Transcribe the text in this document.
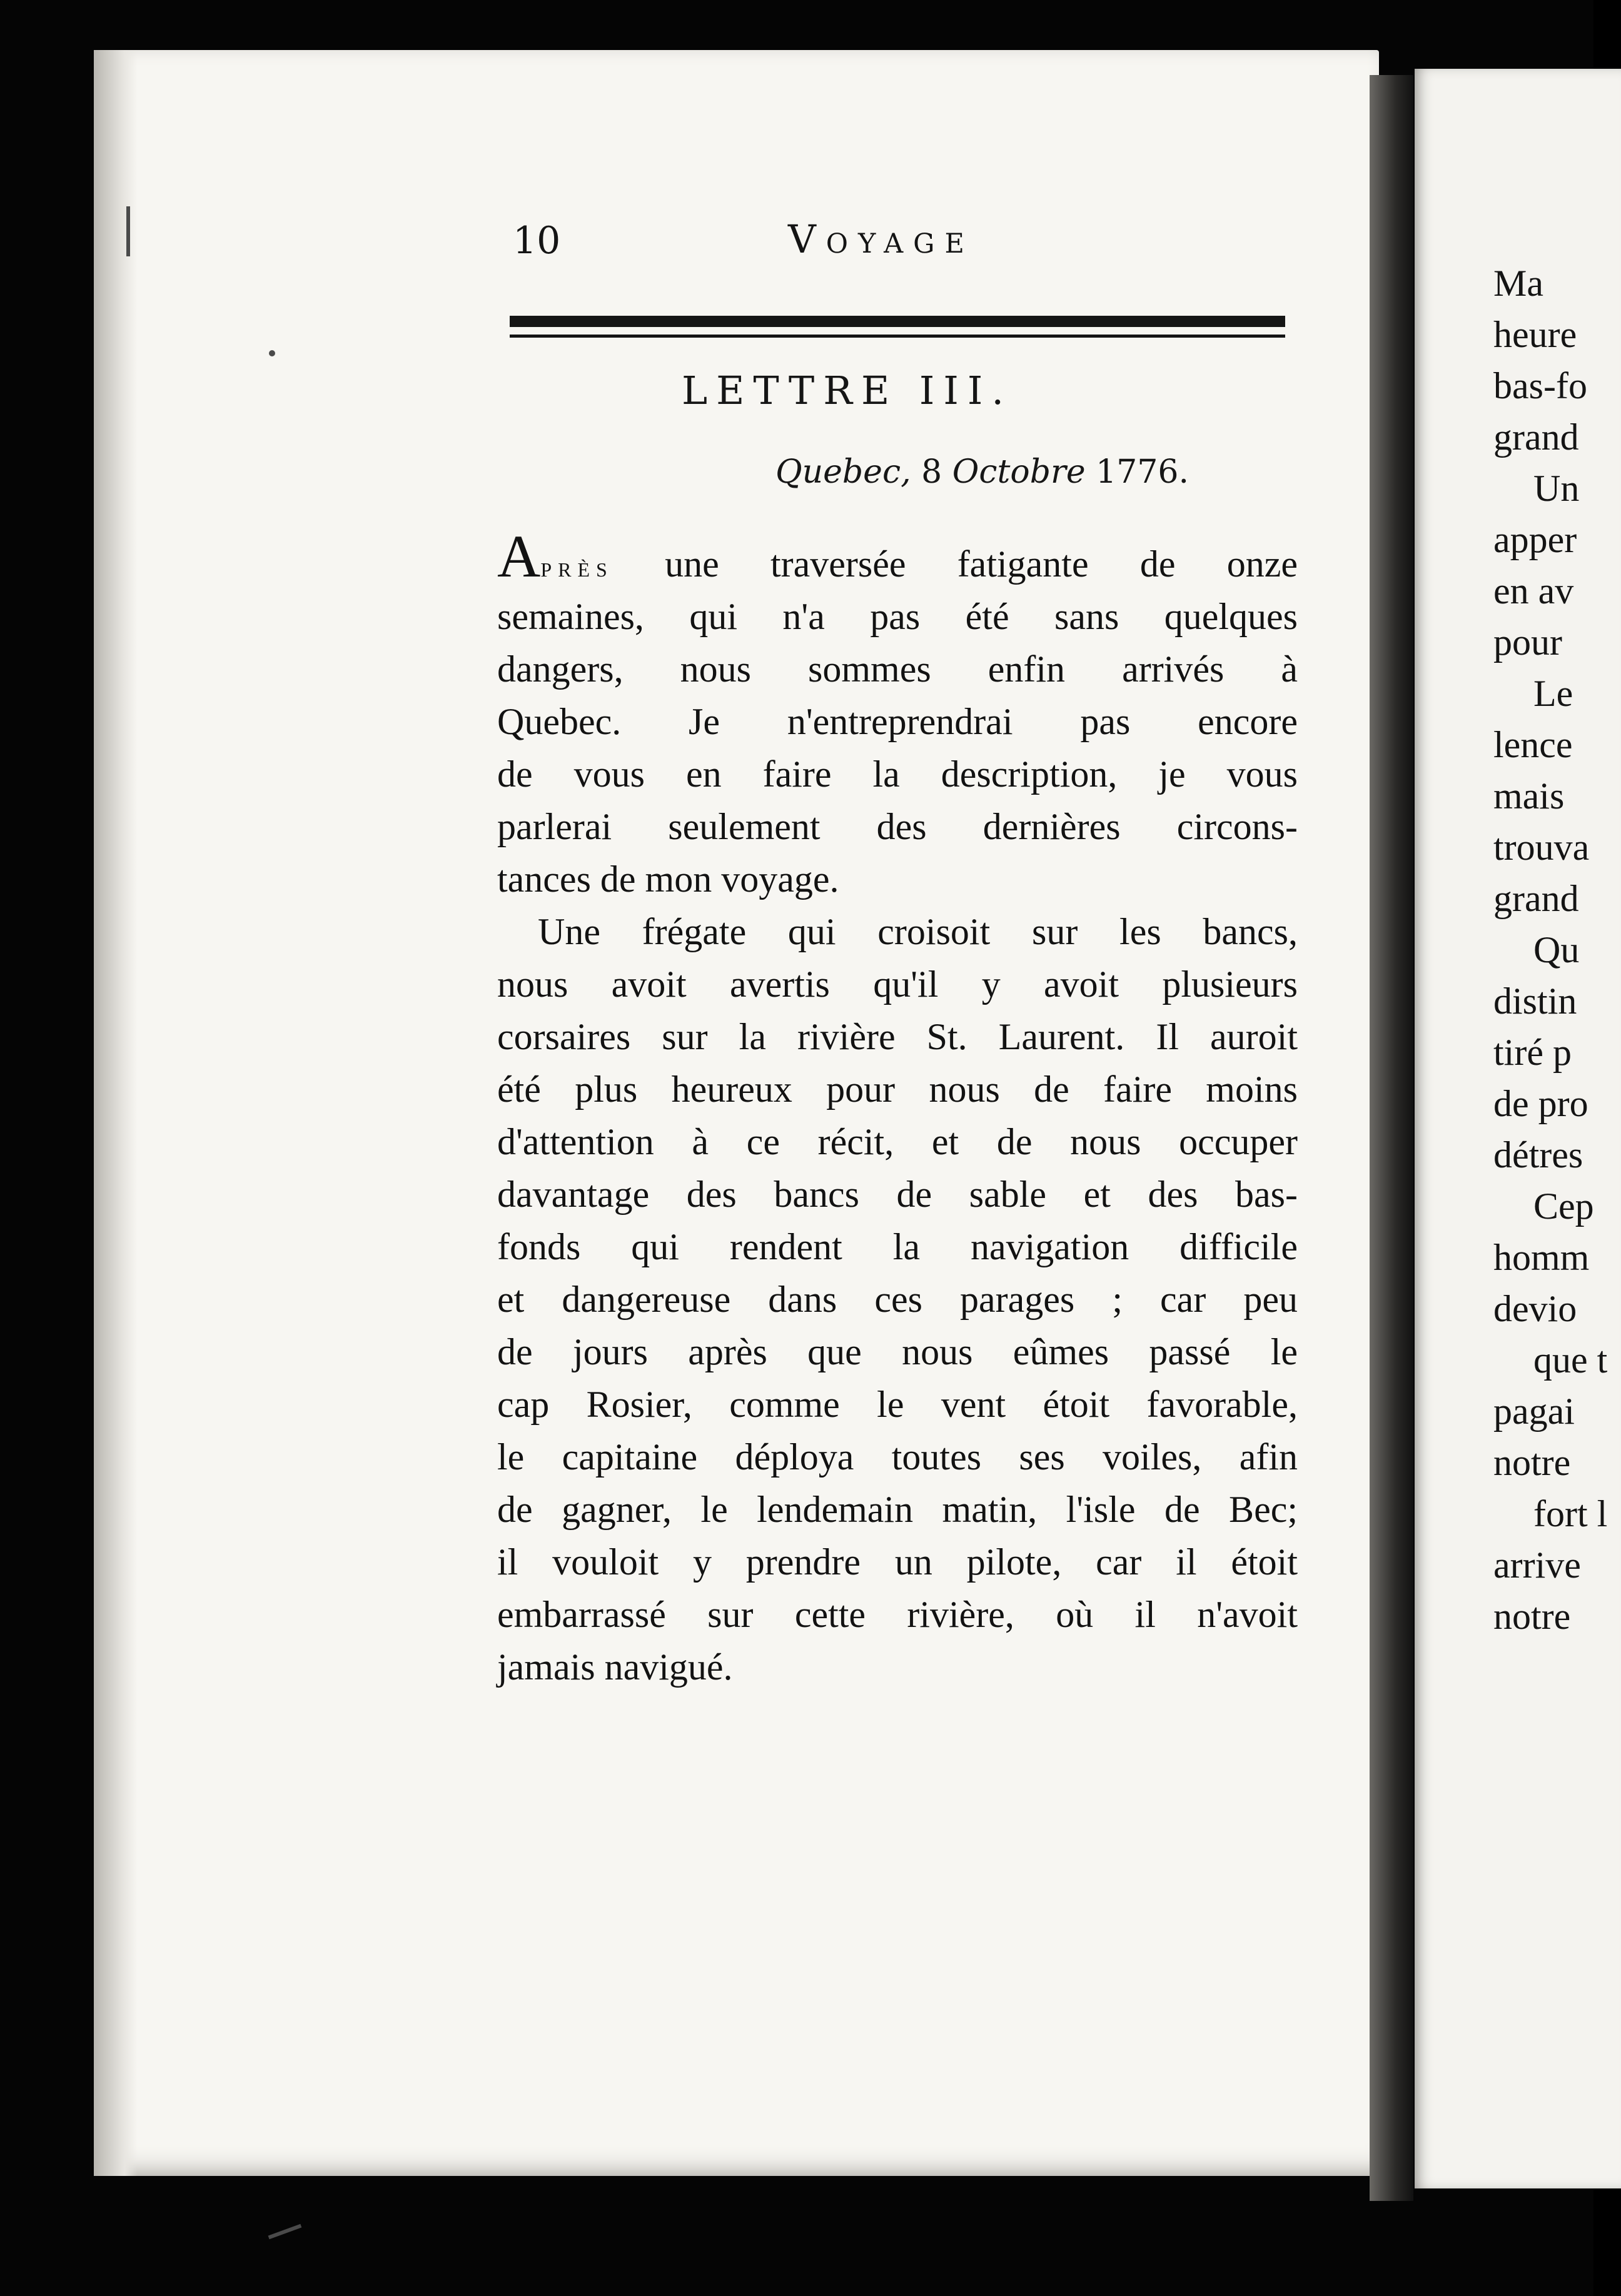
Ma
heure
bas-fo
grand
Un
apper
en av
pour
Le
lence
mais
trouva
grand
Qu
distin
tiré p
de pro
détres
Cep
homm
devio
que t
pagai
notre
fort l
arrive
notre
10	Voyage
LETTRE III.
Quebec, 8 Octobre 1776.
Après une traversée fatigante de onze
semaines, qui n'a pas été sans quelques
dangers, nous sommes enfin arrivés à
Quebec. Je n'entreprendrai pas encore
de vous en faire la description, je vous
parlerai seulement des dernières circons-
tances de mon voyage.
Une frégate qui croisoit sur les bancs,
nous avoit avertis qu'il y avoit plusieurs
corsaires sur la rivière St. Laurent. Il auroit
été plus heureux pour nous de faire moins
d'attention à ce récit, et de nous occuper
davantage des bancs de sable et des bas-
fonds qui rendent la navigation difficile
et dangereuse dans ces parages ; car peu
de jours après que nous eûmes passé le
cap Rosier, comme le vent étoit favorable,
le capitaine déploya toutes ses voiles, afin
de gagner, le lendemain matin, l'isle de Bec;
il vouloit y prendre un pilote, car il étoit
embarrassé sur cette rivière, où il n'avoit
jamais navigué.
